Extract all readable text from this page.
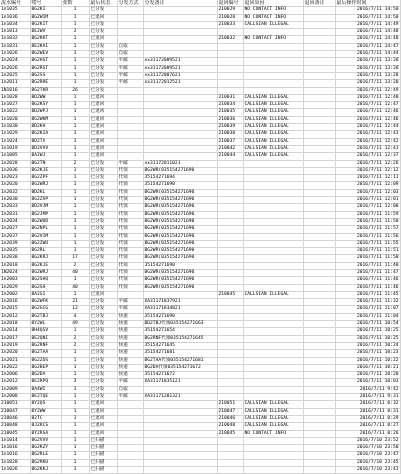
流水编号	唛号	张数	最后状态	分发方式	分发备注	退回编号	退回原因	退回备注	最后操作时间
1n1035	BG2KI	1	已分发			210029	NO CONTACT INFO		2016/7/11 14:50
1n1036	BG2WIM	1	已退回			210028	NO CONTACT INFO		2016/7/11 14:50
1n1034	BG2KIT	1	已分发			210033	CALLSIAN ILLEGAL		2016/7/11 14:49
1n1013	BE2WV	2	已分发						2016/7/11 14:48
1n1032	BG2KKT	1	已退回			210032	NO CONTACT INFO		2016/7/11 14:48
1n1031	BE2KAI	1	已分发	自取					2016/7/11 14:47
1n1026	BG2WEV	1	已分发	自取					2016/7/11 14:44
1n2024	BG2HST	1	已分发	平邮	xx31172009521				2016/7/11 13:28
1n2026	BG2RST	1	已分发	平邮	xx31172009521				2016/7/11 13:28
1n2025	BG2SS	1	已分发	平邮	xx31172007621				2016/7/11 13:28
1n2011	BG2RRE	1	已分发	平邮	xx31172012521				2016/7/11 13:20
1N1016	BG2TKR	26	已分发						2016/7/11 12:49
1n1028	BD2WW	1	已退回			210031	CALLSIAN ILLEGAL		2016/7/11 12:48
1n1027	BG2KSY	1	已退回			210034	CALLSIAN ILLEGAL		2016/7/11 12:47
1n1022	BD2WPJ	1	已退回			210035	CALLSIAN ILLEGAL		2016/7/11 12:46
1n1020	BG2WKM	1	已退回			210036	CALLSIAN ILLEGAL		2016/7/11 12:46
1n1030	BD2KH	1	已退回			210039	CALLSIAN ILLEGAL		2016/7/11 12:44
1n1029	BG2KIA	1	已退回			210038	CALLSIAN ILLEGAL		2016/7/11 12:43
1n1024	BD2TX	1	已退回			210037	CALLSIAN ILLEGAL		2016/7/11 12:42
1n1019	BD2VVV	1	已退回			210042	CALLSIAN ILLEGAL		2016/7/11 12:41
1n1005	BA2WJ	1	已退回			210044	CALLSIAN ILLEGAL		2016/7/11 12:37
1n2028	BG2TN	2	已分发	平邮	xx31172011021				2016/7/11 12:26
1n2036	BG2KJE	1	已分发	代领	BG2WR(035154271690				2016/7/11 12:12
1n2023	BG2ZPF	1	已分发	代领	35154271694				2016/7/11 12:11
1n2020	BG2WRJ	1	已分发	代领	35154271690				2016/7/11 12:09
1n2032	BD2KL	1	已分发	代领	BG2WR(035154271690				2016/7/11 12:03
1n2030	BG2ZVP	1	已分发	代领	BG2WR(035154271690				2016/7/11 12:01
1n2033	BD2VJM	1	已分发	代领	BG2WR(035154271690				2016/7/11 12:00
1n2031	BG2JMP	1	已分发	代领	BG2WR(035154271690				2016/7/11 11:59
1n2034	BG2WUD	1	已分发	代领	BG2WR(035154271690				2016/7/11 11:58
1n2027	BG2NPL	1	已分发	代领	BG2WR(035154271690				2016/7/11 11:57
1n2037	BG2VIM	1	已分发	代领	BG2WR(035154271690				2016/7/11 11:56
1n2039	BG2ZWU	1	已分发	代领	BG2WR(035154271690				2016/7/11 11:55
1n2035	BG2RL	1	已分发	代领	BG2WR(035154271690				2016/7/11 11:51
1n2038	BG2KRJ	17	已分发	代领	BG2WR(035154271690				2016/7/11 11:50
1n2018	BG2KJE	2	已分发	代领	35154271690				2016/7/11 11:48
1N2024	BG2WRJ	40	已分发	代领	BG2WR(035154271690				2016/7/11 11:47
1n2003	BG2SHQ	1	已分发	代领	BG2WR(035154271690				2016/7/11 11:46
1n2029	BG2SH	40	已分发	代领	BG2WR(035154271690				2016/7/11 11:46
1n2002	BA2SI	1	已退回			210045	CALLSIAN ILLEGAL		2016/7/11 11:45
1n2016	BG2WFK	21	已分发	平邮	XA31171837921				2016/7/11 11:32
1n2015	BG2GCG	12	已分发	平邮	XA31171834821				2016/7/11 11:07
1n2012	BG2TBJ	4	已分发	快递	35154271690				2016/7/11 11:04
1n2018	BY2WL	49	已分发	快递	BD2TBJ代领035154271663				2016/7/11 10:54
1n2014	BH4QSV	1	已分发	快递	35154271654				2016/7/11 10:25
1n2017	BE2QNI	2	已分发	快递	BG2RNF代领035154271645				2016/7/11 10:25
1n2019	BG2RNF	2	已分发	快递	35154271645				2016/7/11 10:24
1n2020	BG2TAA	1	已分发	快递	35154271681				2016/7/11 10:23
1n2021	BG2ZOS	1	已分发	快递	BG2TAA代领035154271681				2016/7/11 10:22
1n2022	BG2BEP	1	已分发	快递	BG2DA代领035154271672				2016/7/11 10:21
1n2006	BG2DA	1	已分发	快递	35154271672				2016/7/11 10:20
1n2012	BE2RPQ	3	已分发	平邮	XA31171835121				2016/7/11 10:03
1n2009	BA4WI	1	已分发	自取					2016/7/11 9:42
1n2008	BE2TQE	1	已分发	平邮	XA31171201321				2016/7/11 9:31
210051	BY2QS	1	已退回			210051	CALLSIAN ILLEGAL		2016/7/11 0:32
210047	BY2WW	1	已退回			210047	CALLSIAN ILLEGAL		2016/7/11 0:31
210046	B2TC	1	已退回			210046	CALLSIAN ILLEGAL		2016/7/11 0:29
210048	BJ2RCS	1	已退回			210048	CALLSIAN ILLEGAL		2016/7/11 0:27
210045	BY2RSA	1	已退回			210045	NO CONTACT INFO		2016/7/11 0:26
1n1014	BG2VVV	1	已扫描						2016/7/10 23:52
1n1016	BG2KZY	1	已扫描						2016/7/10 23:50
1n1016	BG2RLE	1	已扫描						2016/7/10 23:47
1n1028	BG2RKU	1	已扫描						2016/7/10 23:45
1n1026	BG2KKJ	1	已扫描						2016/7/10 23:41
